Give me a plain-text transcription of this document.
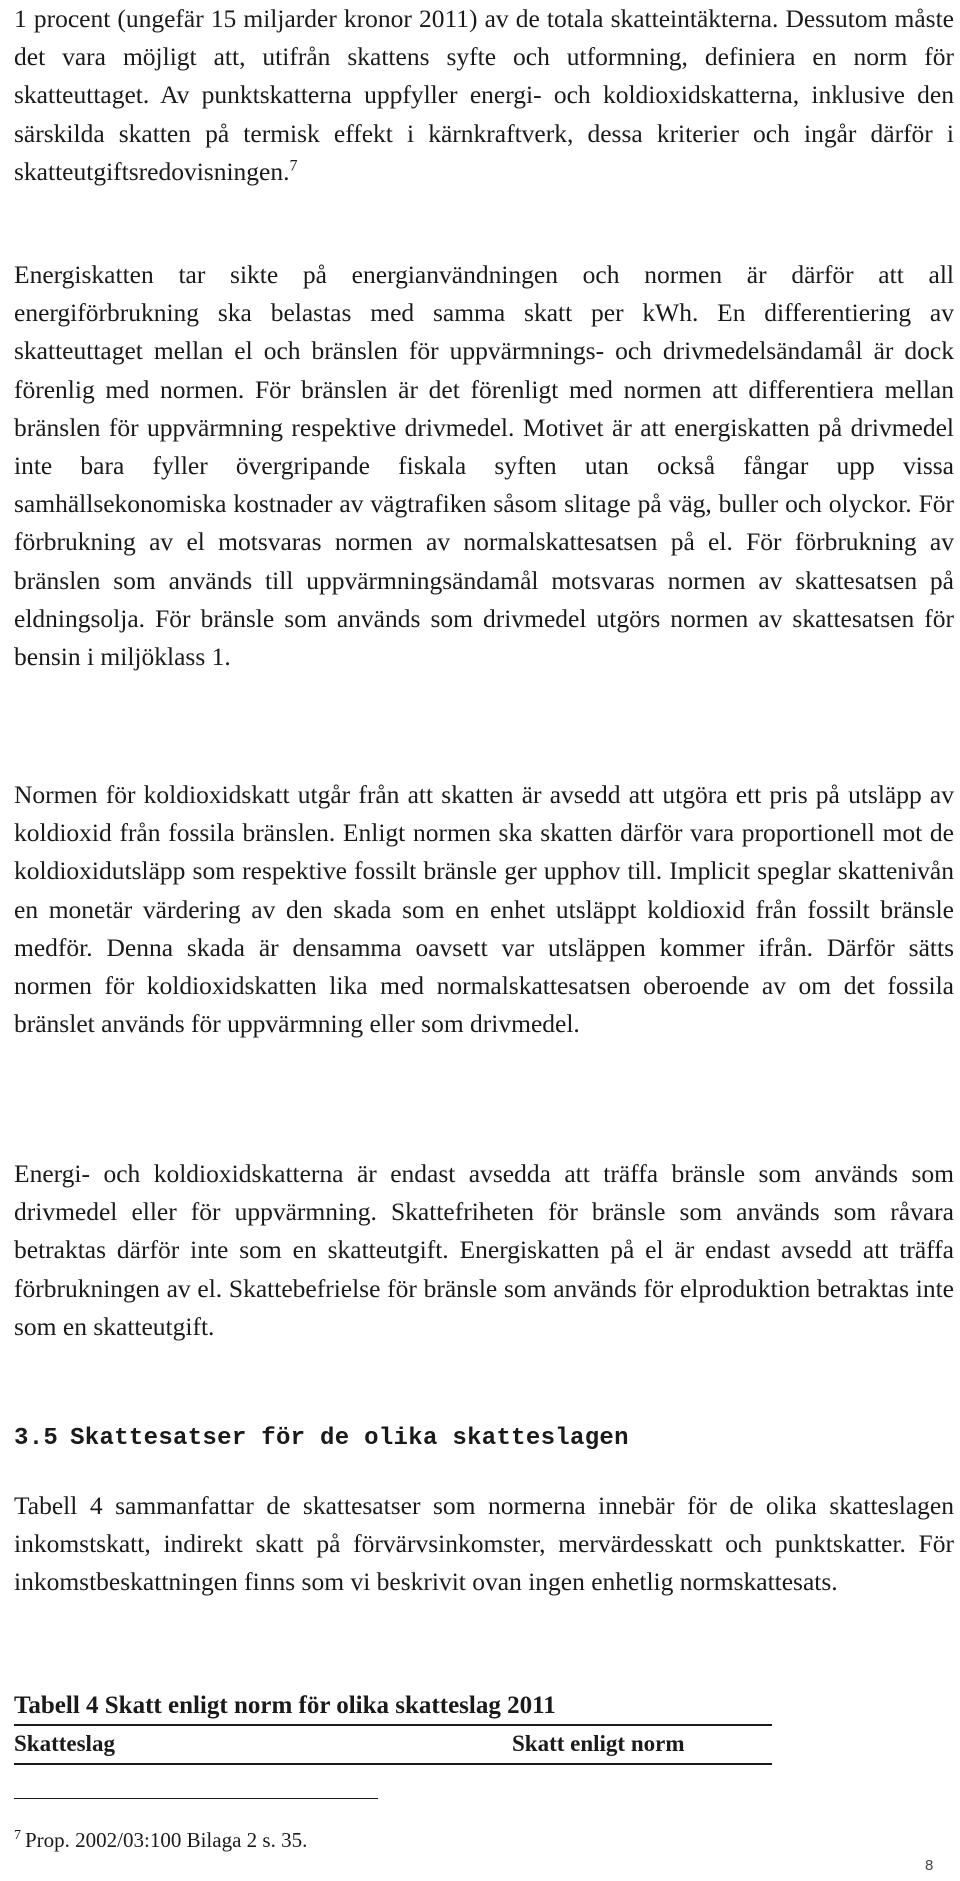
1 procent (ungefär 15 miljarder kronor 2011) av de totala skatteintäkterna. Dessutom måste det vara möjligt att, utifrån skattens syfte och utformning, definiera en norm för skatteuttaget. Av punktskatterna uppfyller energi- och koldioxidskatterna, inklusive den särskilda skatten på termisk effekt i kärnkraftverk, dessa kriterier och ingår därför i skatteutgiftsredovisningen.$^7$

Energiskatten tar sikte på energianvändningen och normen är därför att all energiförbrukning ska belastas med samma skatt per kWh. En differentiering av skatteuttaget mellan el och bränslen för uppvärmnings- och drivmedelsändamål är dock förenlig med normen. För bränslen är det förenligt med normen att differentiera mellan bränslen för uppvärmning respektive drivmedel. Motivet är att energiskatten på drivmedel inte bara fyller övergripande fiskala syften utan också fångar upp vissa samhällsekonomiska kostnader av vägtrafiken såsom slitage på väg, buller och olyckor. För förbrukning av el motsvaras normen av normalskattesatsen på el. För förbrukning av bränslen som används till uppvärmningsändamål motsvaras normen av skattesatsen på eldningsolja. För bränsle som används som drivmedel utgörs normen av skattesatsen för bensin i miljöklass 1.

Normen för koldioxidskatt utgår från att skatten är avsedd att utgöra ett pris på utsläpp av koldioxid från fossila bränslen. Enligt normen ska skatten därför vara proportionell mot de koldioxidutsläpp som respektive fossilt bränsle ger upphov till. Implicit speglar skattenivån en monetär värdering av den skada som en enhet utsläppt koldioxid från fossilt bränsle medför. Denna skada är densamma oavsett var utsläppen kommer ifrån. Därför sätts normen för koldioxidskatten lika med normalskattesatsen oberoende av om det fossila bränslet används för uppvärmning eller som drivmedel.

Energi- och koldioxidskatterna är endast avsedda att träffa bränsle som används som drivmedel eller för uppvärmning. Skattefriheten för bränsle som används som råvara betraktas därför inte som en skatteutgift. Energiskatten på el är endast avsedd att träffa förbrukningen av el. Skattebefrielse för bränsle som används för elproduktion betraktas inte som en skatteutgift.

3.5 Skattesatser för de olika skatteslagen

Tabell 4 sammanfattar de skattesatser som normerna innebär för de olika skatteslagen inkomstskatt, indirekt skatt på förvärvsinkomster, mervärdesskatt och punktskatter. För inkomstbeskattningen finns som vi beskrivit ovan ingen enhetlig normskattesats.

Tabell 4 Skatt enligt norm för olika skatteslag 2011

Skatteslag	Skatt enligt norm

$^7$ Prop. 2002/03:100 Bilaga 2 s. 35.

8
